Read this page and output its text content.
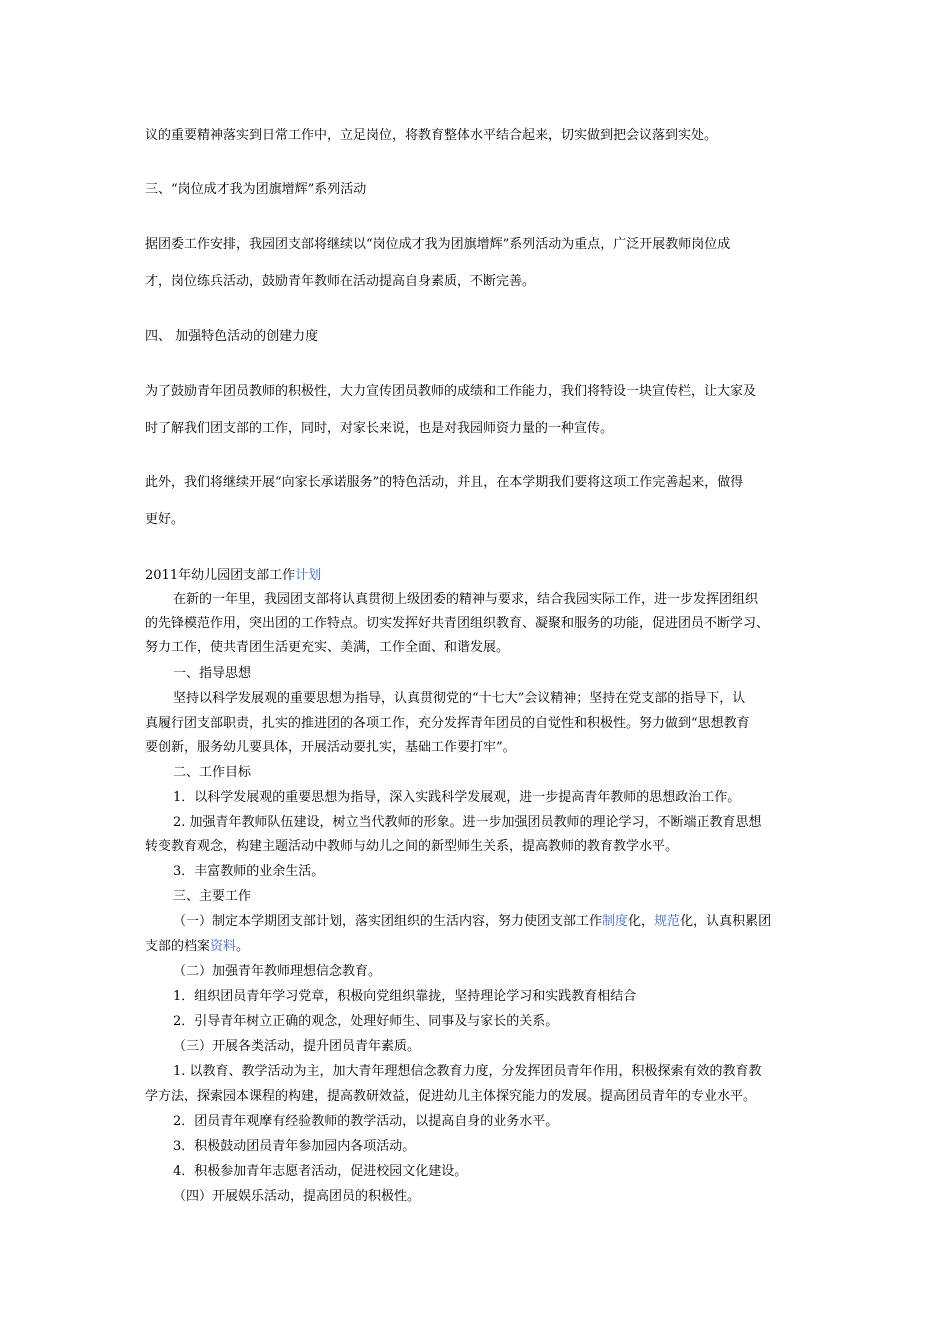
议的重要精神落实到日常工作中，立足岗位，将教育整体水平结合起来，切实做到把会议落到实处。

三、“岗位成才我为团旗增辉”系列活动

据团委工作安排，我园团支部将继续以“岗位成才我为团旗增辉”系列活动为重点，广泛开展教师岗位成

才，岗位练兵活动，鼓励青年教师在活动提高自身素质，不断完善。

四、 加强特色活动的创建力度

为了鼓励青年团员教师的积极性，大力宣传团员教师的成绩和工作能力，我们将特设一块宣传栏，让大家及

时了解我们团支部的工作，同时，对家长来说，也是对我园师资力量的一种宣传。

此外，我们将继续开展“向家长承诺服务”的特色活动，并且，在本学期我们要将这项工作完善起来，做得

更好。

2011年幼儿园团支部工作计划

在新的一年里，我园团支部将认真贯彻上级团委的精神与要求，结合我园实际工作，进一步发挥团组织

的先锋模范作用，突出团的工作特点。切实发挥好共青团组织教育、凝聚和服务的功能，促进团员不断学习、

努力工作，使共青团生活更充实、美满，工作全面、和谐发展。

一、指导思想

坚持以科学发展观的重要思想为指导，认真贯彻党的“十七大”会议精神；坚持在党支部的指导下，认

真履行团支部职责，扎实的推进团的各项工作，充分发挥青年团员的自觉性和积极性。努力做到“思想教育

要创新，服务幼儿要具体，开展活动要扎实，基础工作要打牢”。

二、工作目标

1．以科学发展观的重要思想为指导，深入实践科学发展观，进一步提高青年教师的思想政治工作。

2. 加强青年教师队伍建设，树立当代教师的形象。进一步加强团员教师的理论学习，不断端正教育思想

转变教育观念，构建主题活动中教师与幼儿之间的新型师生关系，提高教师的教育教学水平。

3．丰富教师的业余生活。

三、主要工作

（一）制定本学期团支部计划，落实团组织的生活内容，努力使团支部工作制度化，规范化，认真积累团

支部的档案资料。

（二）加强青年教师理想信念教育。

1．组织团员青年学习党章，积极向党组织靠拢，坚持理论学习和实践教育相结合

2．引导青年树立正确的观念，处理好师生、同事及与家长的关系。

（三）开展各类活动，提升团员青年素质。

1. 以教育、教学活动为主，加大青年理想信念教育力度，分发挥团员青年作用，积极探索有效的教育教

学方法，探索园本课程的构建，提高教研效益，促进幼儿主体探究能力的发展。提高团员青年的专业水平。

2．团员青年观摩有经验教师的教学活动，以提高自身的业务水平。

3．积极鼓动团员青年参加园内各项活动。

4．积极参加青年志愿者活动，促进校园文化建设。

（四）开展娱乐活动，提高团员的积极性。
